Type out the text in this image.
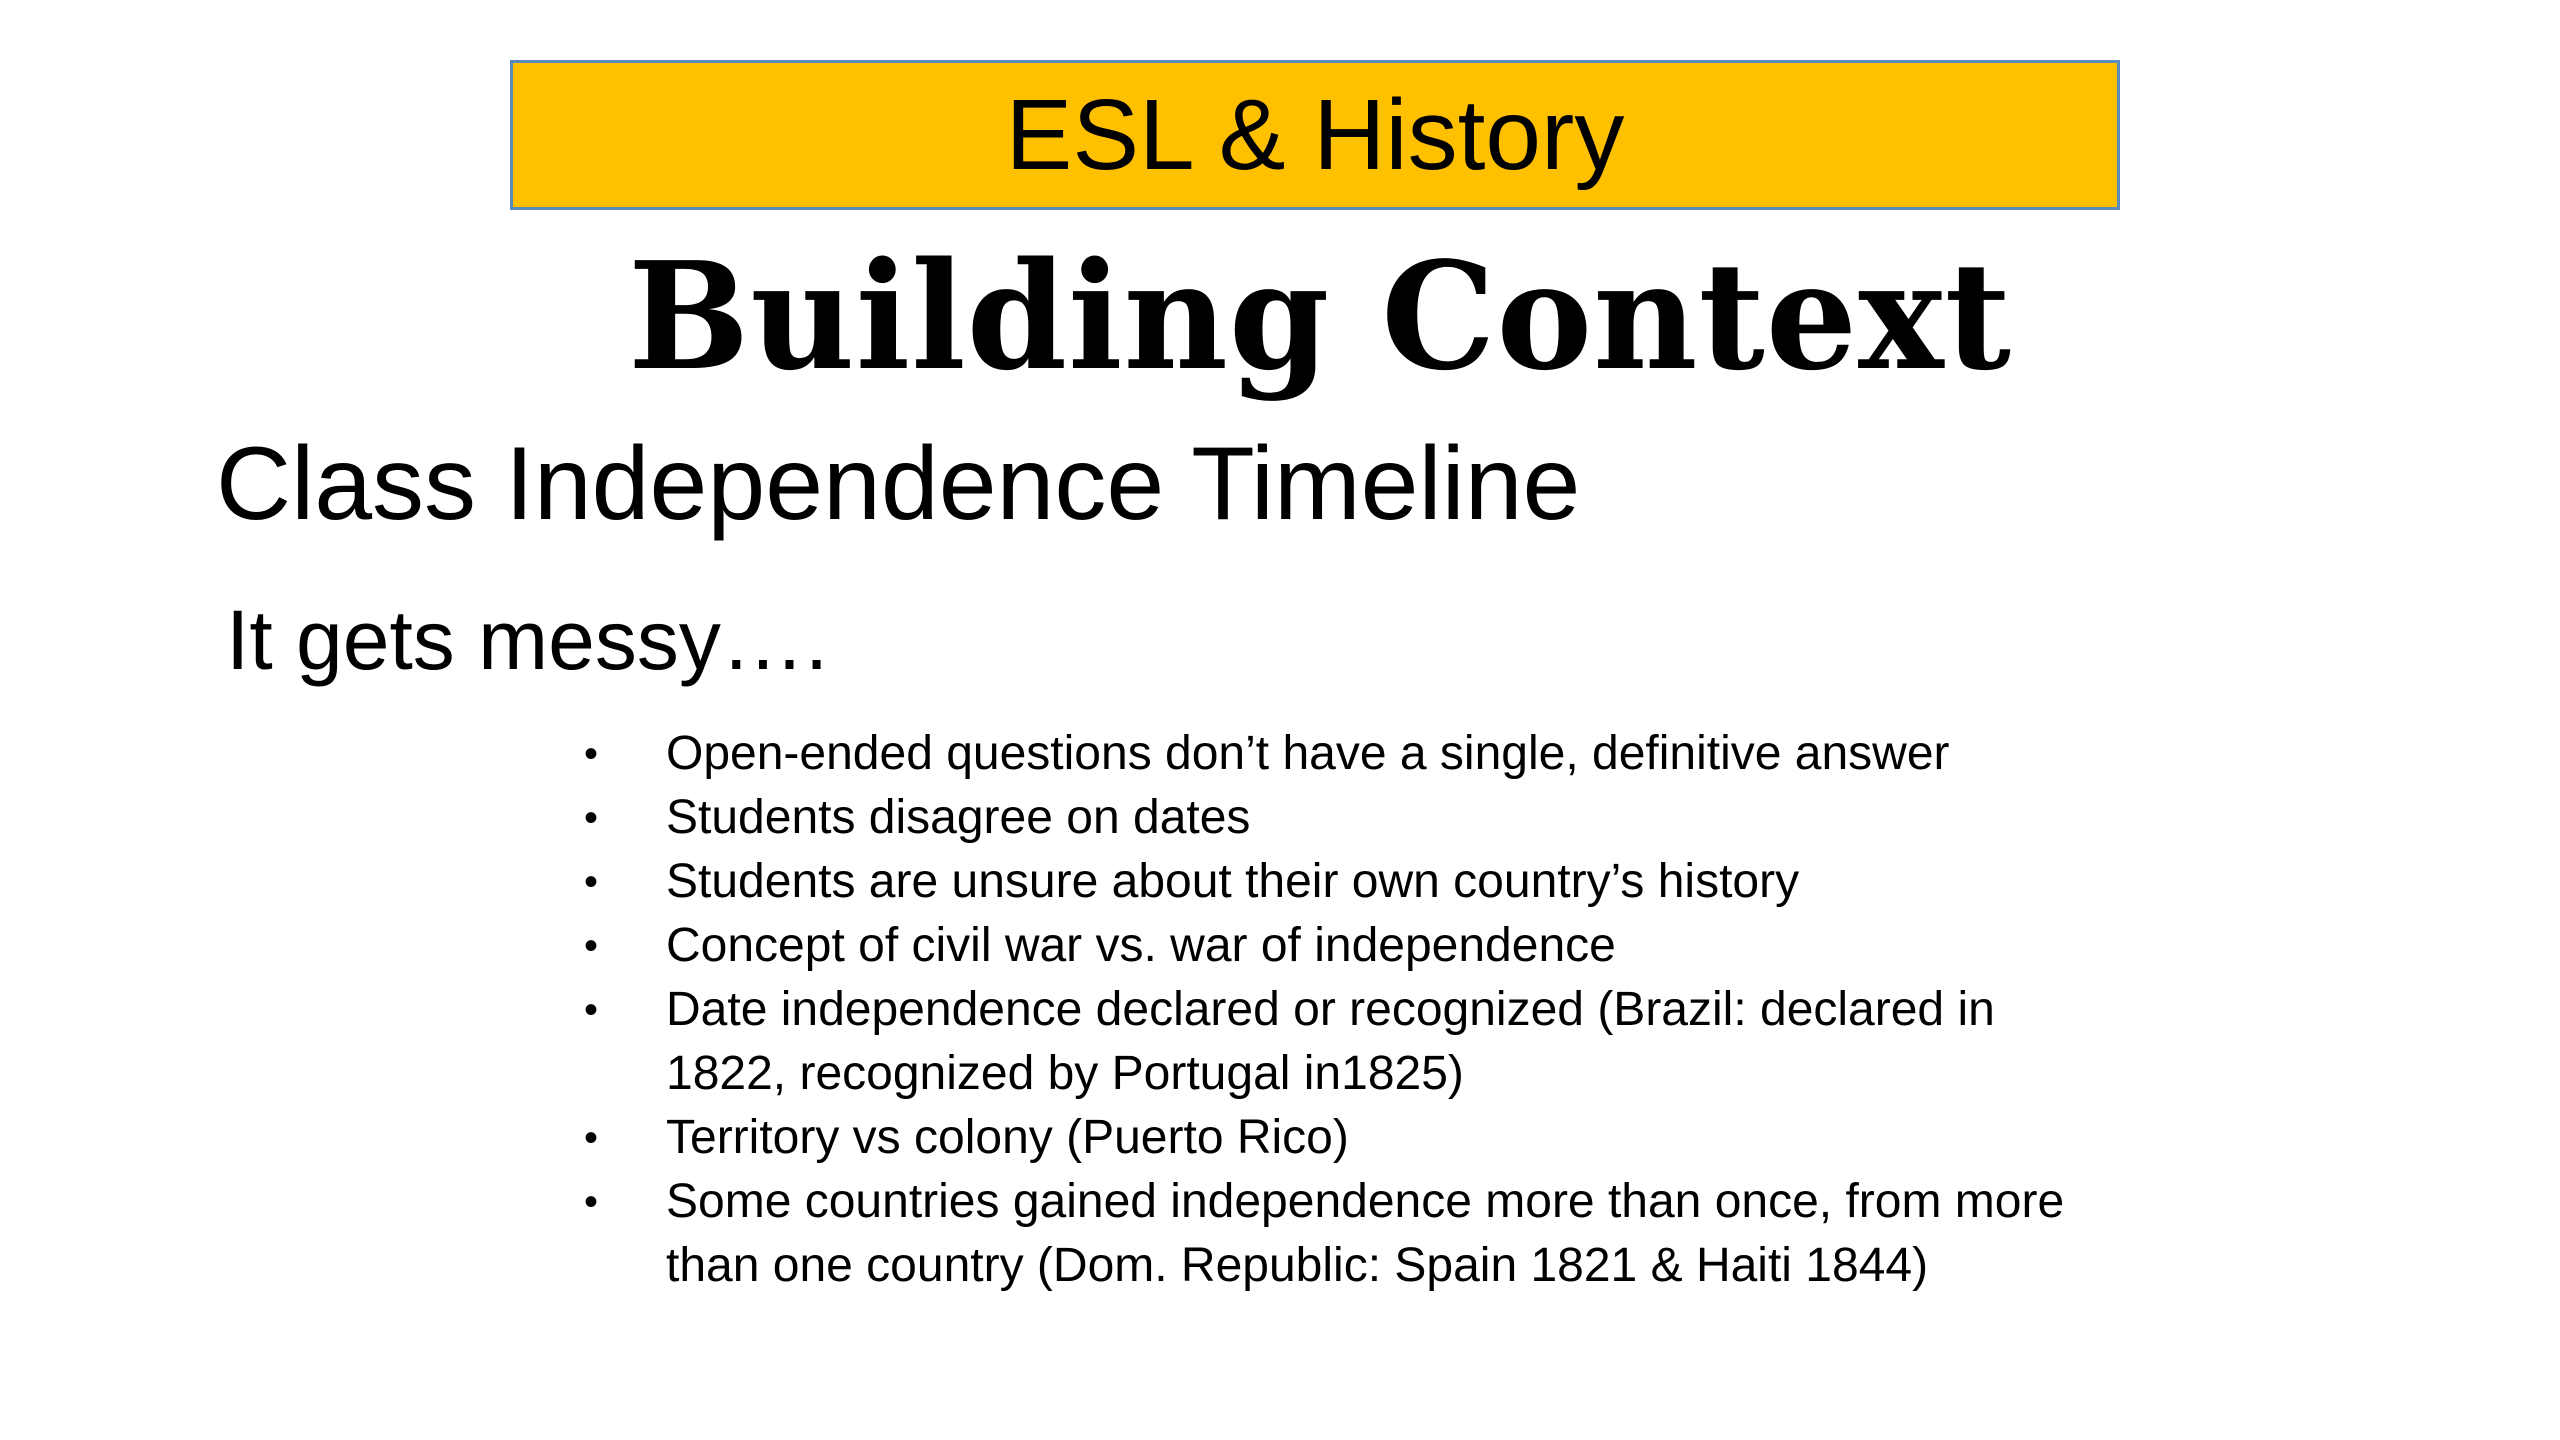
ESL & History
Building Context
Class Independence Timeline
It gets messy….
• Open-ended questions don’t have a single, definitive answer
• Students disagree on dates
• Students are unsure about their own country’s history
• Concept of civil war vs. war of independence
• Date independence declared or recognized (Brazil: declared in 1822, recognized by Portugal in1825)
• Territory vs colony (Puerto Rico)
• Some countries gained independence more than once, from more than one country (Dom. Republic: Spain 1821 & Haiti 1844)
